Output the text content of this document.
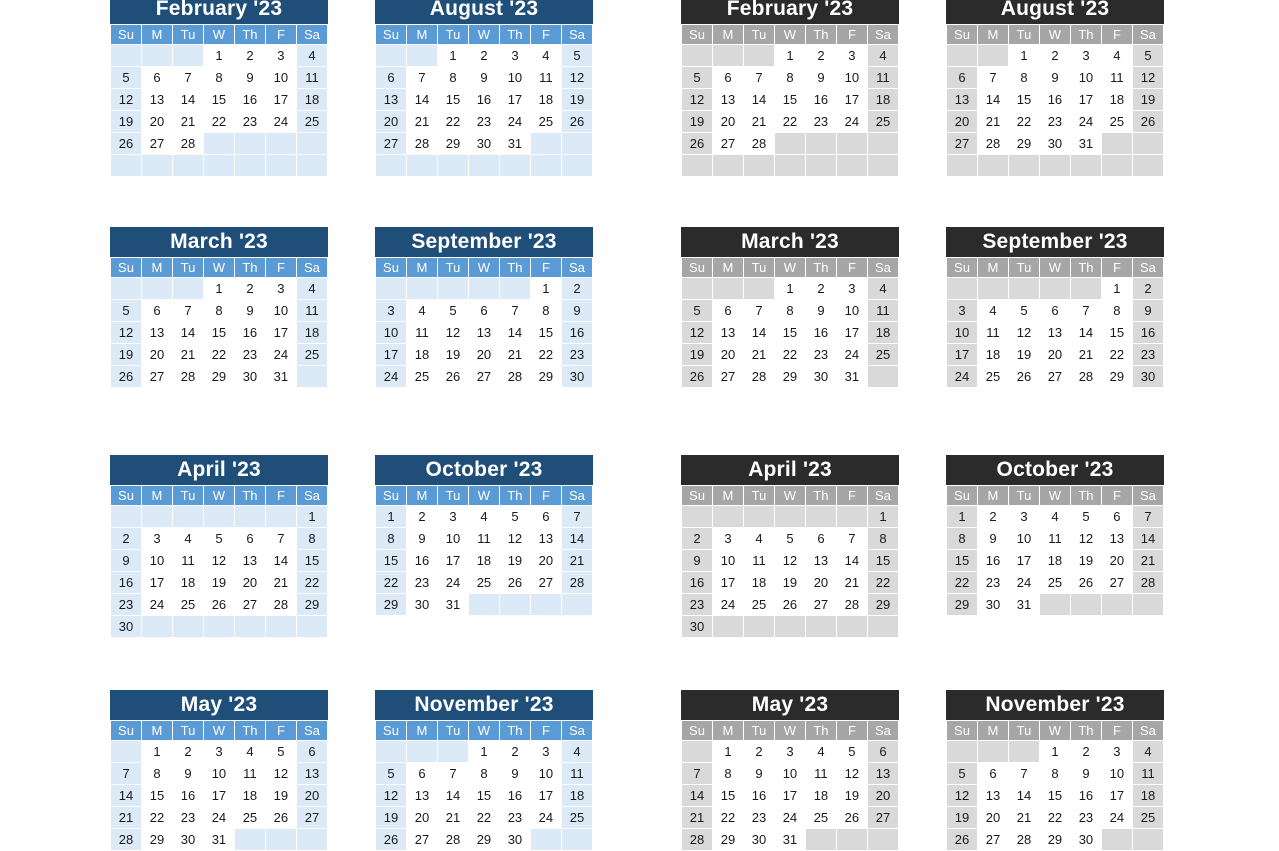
February '23
Su	M	Tu	W	Th	F	Sa
			1	2	3	4
5	6	7	8	9	10	11
12	13	14	15	16	17	18
19	20	21	22	23	24	25
26	27	28				

August '23
Su	M	Tu	W	Th	F	Sa
		1	2	3	4	5
6	7	8	9	10	11	12
13	14	15	16	17	18	19
20	21	22	23	24	25	26
27	28	29	30	31		

February '23
Su	M	Tu	W	Th	F	Sa
			1	2	3	4
5	6	7	8	9	10	11
12	13	14	15	16	17	18
19	20	21	22	23	24	25
26	27	28				

August '23
Su	M	Tu	W	Th	F	Sa
		1	2	3	4	5
6	7	8	9	10	11	12
13	14	15	16	17	18	19
20	21	22	23	24	25	26
27	28	29	30	31		

March '23
Su	M	Tu	W	Th	F	Sa
			1	2	3	4
5	6	7	8	9	10	11
12	13	14	15	16	17	18
19	20	21	22	23	24	25
26	27	28	29	30	31	
September '23
Su	M	Tu	W	Th	F	Sa
					1	2
3	4	5	6	7	8	9
10	11	12	13	14	15	16
17	18	19	20	21	22	23
24	25	26	27	28	29	30
March '23
Su	M	Tu	W	Th	F	Sa
			1	2	3	4
5	6	7	8	9	10	11
12	13	14	15	16	17	18
19	20	21	22	23	24	25
26	27	28	29	30	31	
September '23
Su	M	Tu	W	Th	F	Sa
					1	2
3	4	5	6	7	8	9
10	11	12	13	14	15	16
17	18	19	20	21	22	23
24	25	26	27	28	29	30
April '23
Su	M	Tu	W	Th	F	Sa
						1
2	3	4	5	6	7	8
9	10	11	12	13	14	15
16	17	18	19	20	21	22
23	24	25	26	27	28	29
30						
October '23
Su	M	Tu	W	Th	F	Sa
1	2	3	4	5	6	7
8	9	10	11	12	13	14
15	16	17	18	19	20	21
22	23	24	25	26	27	28
29	30	31				
April '23
Su	M	Tu	W	Th	F	Sa
						1
2	3	4	5	6	7	8
9	10	11	12	13	14	15
16	17	18	19	20	21	22
23	24	25	26	27	28	29
30						
October '23
Su	M	Tu	W	Th	F	Sa
1	2	3	4	5	6	7
8	9	10	11	12	13	14
15	16	17	18	19	20	21
22	23	24	25	26	27	28
29	30	31				
May '23
Su	M	Tu	W	Th	F	Sa
	1	2	3	4	5	6
7	8	9	10	11	12	13
14	15	16	17	18	19	20
21	22	23	24	25	26	27
28	29	30	31			
November '23
Su	M	Tu	W	Th	F	Sa
			1	2	3	4
5	6	7	8	9	10	11
12	13	14	15	16	17	18
19	20	21	22	23	24	25
26	27	28	29	30		
May '23
Su	M	Tu	W	Th	F	Sa
	1	2	3	4	5	6
7	8	9	10	11	12	13
14	15	16	17	18	19	20
21	22	23	24	25	26	27
28	29	30	31			
November '23
Su	M	Tu	W	Th	F	Sa
			1	2	3	4
5	6	7	8	9	10	11
12	13	14	15	16	17	18
19	20	21	22	23	24	25
26	27	28	29	30		
